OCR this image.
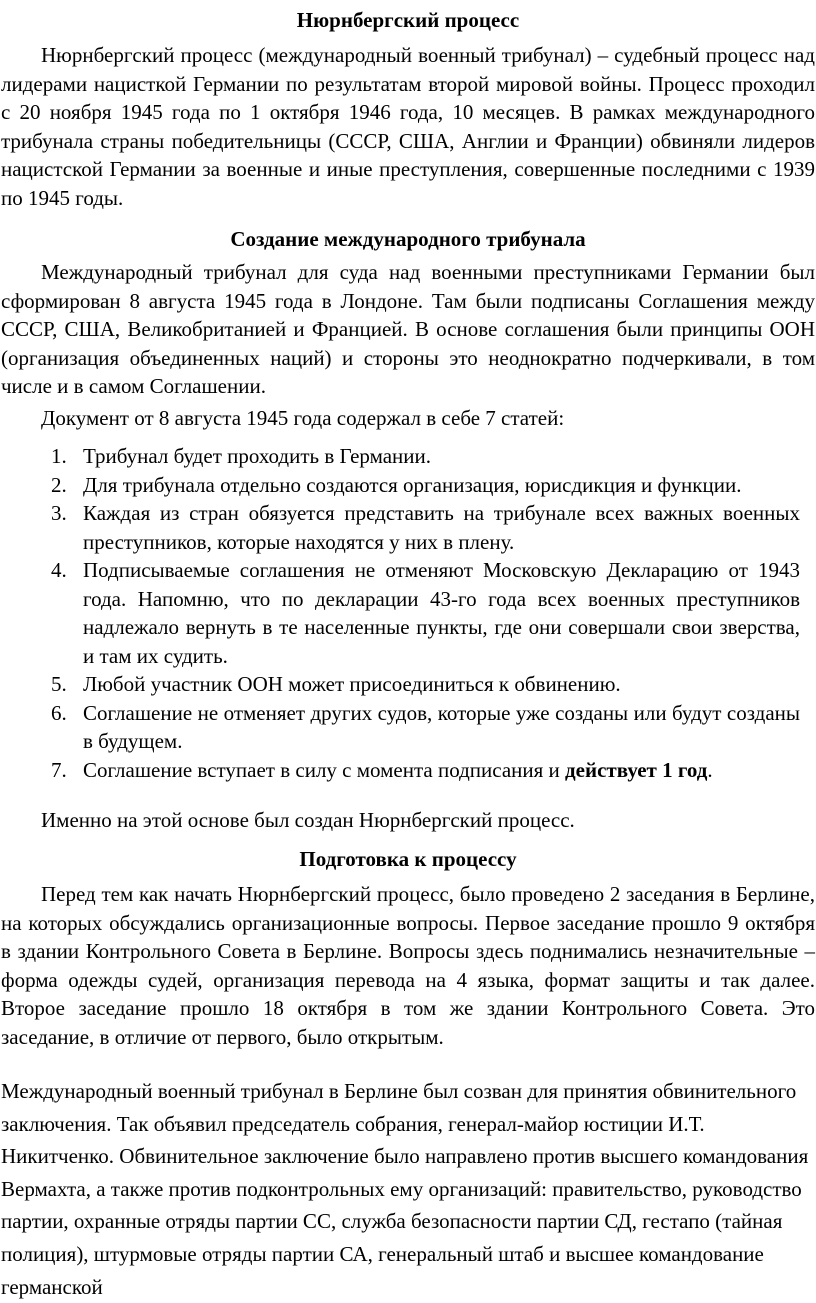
Нюрнбергский процесс

Нюрнбергский процесс (международный военный трибунал) – судебный процесс над лидерами нацисткой Германии по результатам второй мировой войны. Процесс проходил с 20 ноября 1945 года по 1 октября 1946 года, 10 месяцев. В рамках международного трибунала страны победительницы (СССР, США, Англии и Франции) обвиняли лидеров нацистской Германии за военные и иные преступления, совершенные последними с 1939 по 1945 годы.

Создание международного трибунала

Международный трибунал для суда над военными преступниками Германии был сформирован 8 августа 1945 года в Лондоне. Там были подписаны Соглашения между СССР, США, Великобританией и Францией. В основе соглашения были принципы ООН (организация объединенных наций) и стороны это неоднократно подчеркивали, в том числе и в самом Соглашении.

Документ от 8 августа 1945 года содержал в себе 7 статей:

1. Трибунал будет проходить в Германии.
2. Для трибунала отдельно создаются организация, юрисдикция и функции.
3. Каждая из стран обязуется представить на трибунале всех важных военных преступников, которые находятся у них в плену.
4. Подписываемые соглашения не отменяют Московскую Декларацию от 1943 года. Напомню, что по декларации 43-го года всех военных преступников надлежало вернуть в те населенные пункты, где они совершали свои зверства, и там их судить.
5. Любой участник ООН может присоединиться к обвинению.
6. Соглашение не отменяет других судов, которые уже созданы или будут созданы в будущем.
7. Соглашение вступает в силу с момента подписания и действует 1 год.

Именно на этой основе был создан Нюрнбергский процесс.

Подготовка к процессу

Перед тем как начать Нюрнбергский процесс, было проведено 2 заседания в Берлине, на которых обсуждались организационные вопросы. Первое заседание прошло 9 октября в здании Контрольного Совета в Берлине. Вопросы здесь поднимались незначительные – форма одежды судей, организация перевода на 4 языка, формат защиты и так далее. Второе заседание прошло 18 октября в том же здании Контрольного Совета. Это заседание, в отличие от первого, было открытым.

Международный военный трибунал в Берлине был созван для принятия обвинительного заключения. Так объявил председатель собрания, генерал-майор юстиции И.Т. Никитченко. Обвинительное заключение было направлено против высшего командования Вермахта, а также против подконтрольных ему организаций: правительство, руководство партии, охранные отряды партии СС, служба безопасности партии СД, гестапо (тайная полиция), штурмовые отряды партии СА, генеральный штаб и высшее командование германской
